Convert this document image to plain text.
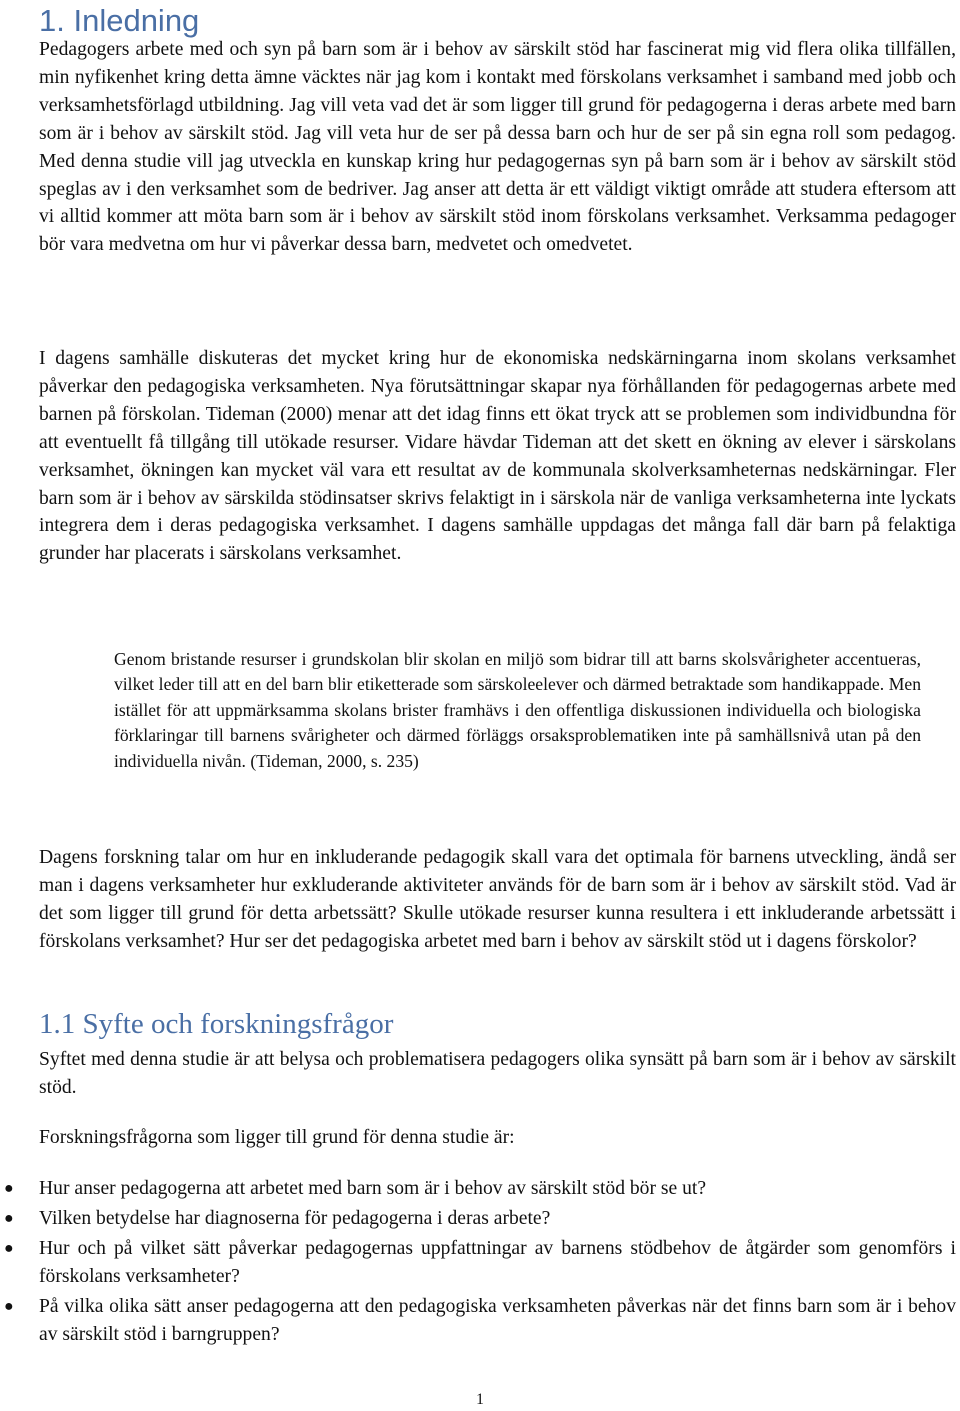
1. Inledning

Pedagogers arbete med och syn på barn som är i behov av särskilt stöd har fascinerat mig vid flera olika tillfällen, min nyfikenhet kring detta ämne väcktes när jag kom i kontakt med förskolans verksamhet i samband med jobb och verksamhetsförlagd utbildning. Jag vill veta vad det är som ligger till grund för pedagogerna i deras arbete med barn som är i behov av särskilt stöd. Jag vill veta hur de ser på dessa barn och hur de ser på sin egna roll som pedagog. Med denna studie vill jag utveckla en kunskap kring hur pedagogernas syn på barn som är i behov av särskilt stöd speglas av i den verksamhet som de bedriver. Jag anser att detta är ett väldigt viktigt område att studera eftersom att vi alltid kommer att möta barn som är i behov av särskilt stöd inom förskolans verksamhet. Verksamma pedagoger bör vara medvetna om hur vi påverkar dessa barn, medvetet och omedvetet.

I dagens samhälle diskuteras det mycket kring hur de ekonomiska nedskärningarna inom skolans verksamhet påverkar den pedagogiska verksamheten. Nya förutsättningar skapar nya förhållanden för pedagogernas arbete med barnen på förskolan. Tideman (2000) menar att det idag finns ett ökat tryck att se problemen som individbundna för att eventuellt få tillgång till utökade resurser. Vidare hävdar Tideman att det skett en ökning av elever i särskolans verksamhet, ökningen kan mycket väl vara ett resultat av de kommunala skolverksamheternas nedskärningar. Fler barn som är i behov av särskilda stödinsatser skrivs felaktigt in i särskola när de vanliga verksamheterna inte lyckats integrera dem i deras pedagogiska verksamhet. I dagens samhälle uppdagas det många fall där barn på felaktiga grunder har placerats i särskolans verksamhet.

Genom bristande resurser i grundskolan blir skolan en miljö som bidrar till att barns skolsvårigheter accentueras, vilket leder till att en del barn blir etiketterade som särskoleelever och därmed betraktade som handikappade. Men istället för att uppmärksamma skolans brister framhävs i den offentliga diskussionen individuella och biologiska förklaringar till barnens svårigheter och därmed förläggs orsaksproblematiken inte på samhällsnivå utan på den individuella nivån. (Tideman, 2000, s. 235)

Dagens forskning talar om hur en inkluderande pedagogik skall vara det optimala för barnens utveckling, ändå ser man i dagens verksamheter hur exkluderande aktiviteter används för de barn som är i behov av särskilt stöd. Vad är det som ligger till grund för detta arbetssätt? Skulle utökade resurser kunna resultera i ett inkluderande arbetssätt i förskolans verksamhet? Hur ser det pedagogiska arbetet med barn i behov av särskilt stöd ut i dagens förskolor?

1.1 Syfte och forskningsfrågor

Syftet med denna studie är att belysa och problematisera pedagogers olika synsätt på barn som är i behov av särskilt stöd.

Forskningsfrågorna som ligger till grund för denna studie är:

● Hur anser pedagogerna att arbetet med barn som är i behov av särskilt stöd bör se ut?
● Vilken betydelse har diagnoserna för pedagogerna i deras arbete?
● Hur och på vilket sätt påverkar pedagogernas uppfattningar av barnens stödbehov de åtgärder som genomförs i förskolans verksamheter?
● På vilka olika sätt anser pedagogerna att den pedagogiska verksamheten påverkas när det finns barn som är i behov av särskilt stöd i barngruppen?
1
